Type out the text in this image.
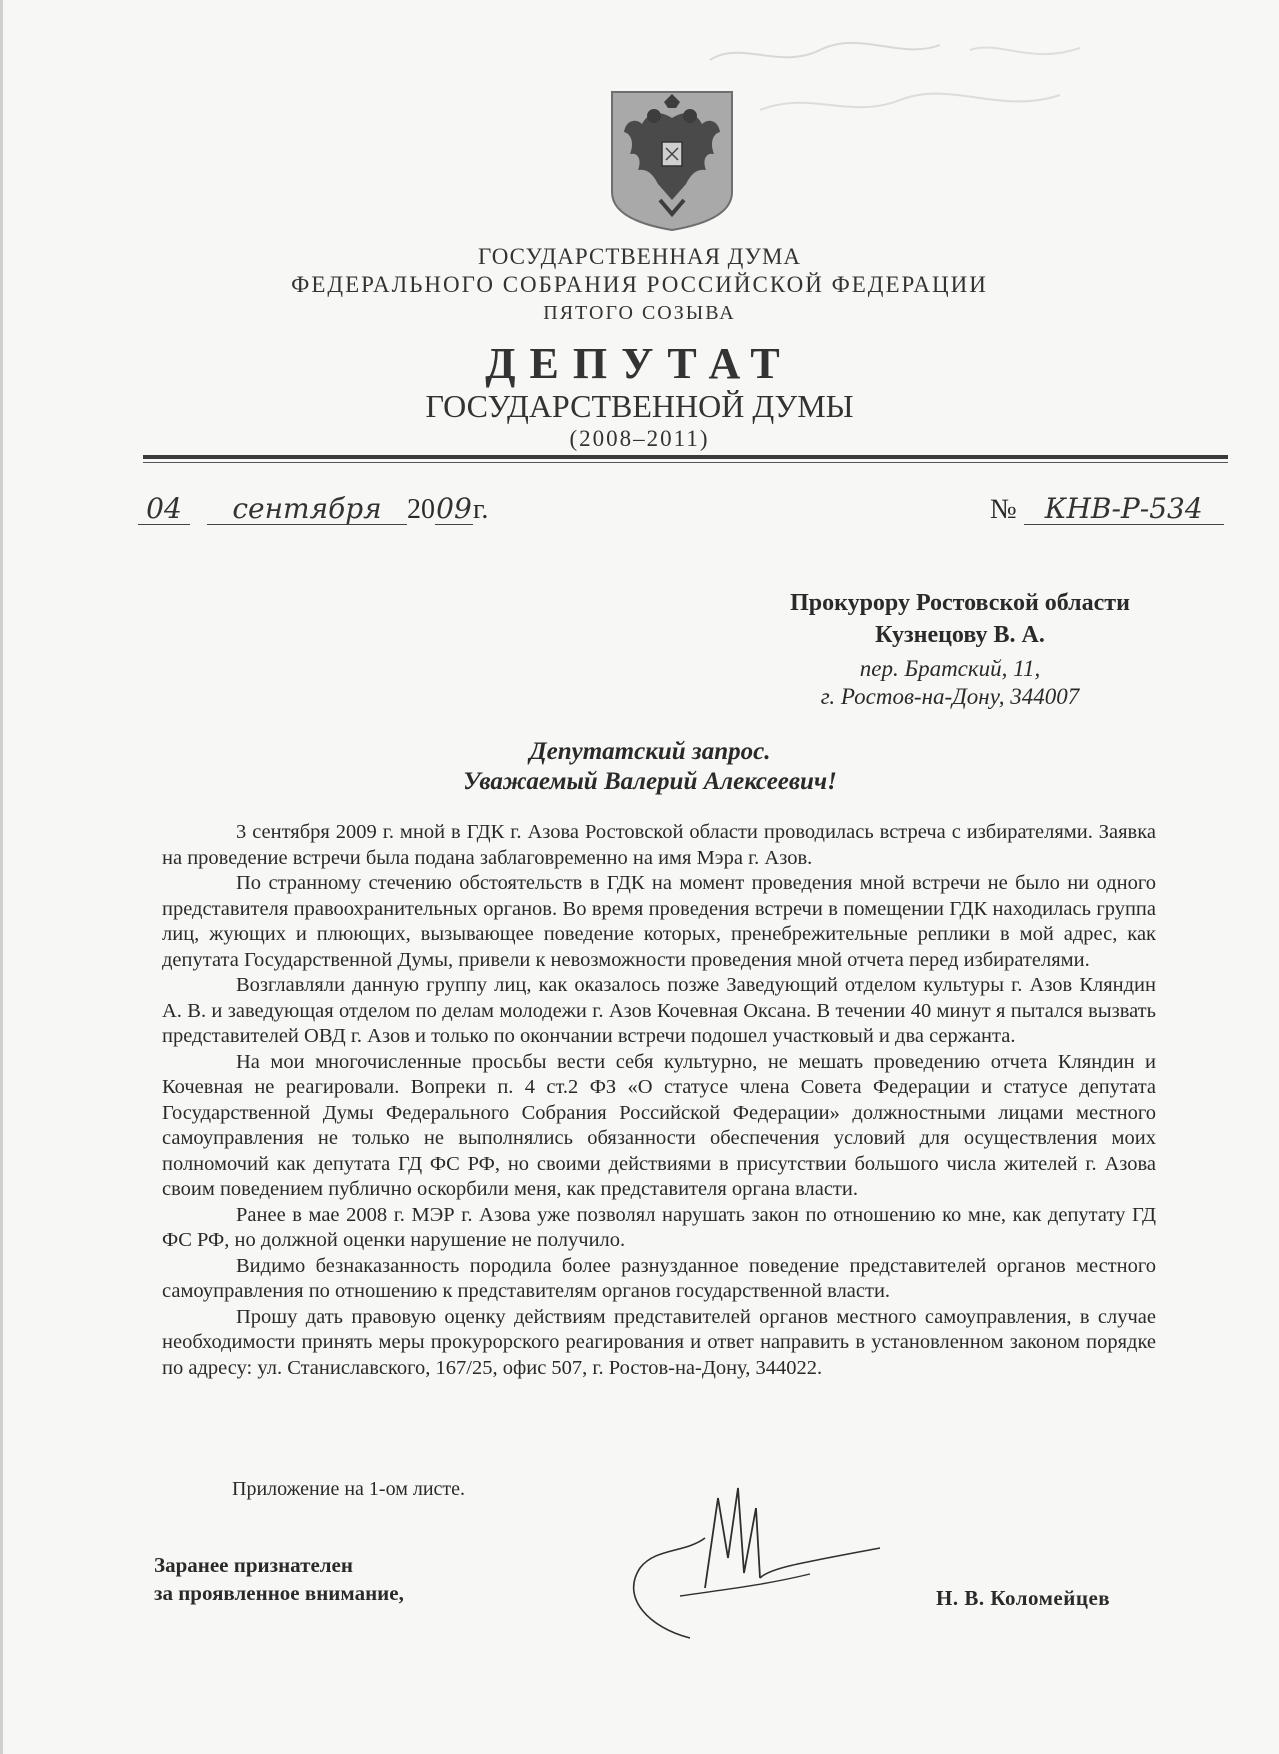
ГОСУДАРСТВЕННАЯ ДУМА
ФЕДЕРАЛЬНОГО СОБРАНИЯ РОССИЙСКОЙ ФЕДЕРАЦИИ
ПЯТОГО СОЗЫВА
ДЕПУТАТ
ГОСУДАРСТВЕННОЙ ДУМЫ
(2008–2011)
04 сентября 2009г.	№ КНВ-Р-534
Прокурору Ростовской области
Кузнецову В. А.
пер. Братский, 11,
г. Ростов-на-Дону, 344007
Депутатский запрос.
Уважаемый Валерий Алексеевич!

3 сентября 2009 г. мной в ГДК г. Азова Ростовской области проводилась встреча с избирателями. Заявка на проведение встречи была подана заблаговременно на имя Мэра г. Азов.

По странному стечению обстоятельств в ГДК на момент проведения мной встречи не было ни одного представителя правоохранительных органов. Во время проведения встречи в помещении ГДК находилась группа лиц, жующих и плюющих, вызывающее поведение которых, пренебрежительные реплики в мой адрес, как депутата Государственной Думы, привели к невозможности проведения мной отчета перед избирателями.

Возглавляли данную группу лиц, как оказалось позже Заведующий отделом культуры г. Азов Кляндин А. В. и заведующая отделом по делам молодежи г. Азов Кочевная Оксана. В течении 40 минут я пытался вызвать представителей ОВД г. Азов и только по окончании встречи подошел участковый и два сержанта.

На мои многочисленные просьбы вести себя культурно, не мешать проведению отчета Кляндин и Кочевная не реагировали. Вопреки п. 4 ст.2 ФЗ «О статусе члена Совета Федерации и статусе депутата Государственной Думы Федерального Собрания Российской Федерации» должностными лицами местного самоуправления не только не выполнялись обязанности обеспечения условий для осуществления моих полномочий как депутата ГД ФС РФ, но своими действиями в присутствии большого числа жителей г. Азова своим поведением публично оскорбили меня, как представителя органа власти.

Ранее в мае 2008 г. МЭР г. Азова уже позволял нарушать закон по отношению ко мне, как депутату ГД ФС РФ, но должной оценки нарушение не получило.

Видимо безнаказанность породила более разнузданное поведение представителей органов местного самоуправления по отношению к представителям органов государственной власти.

Прошу дать правовую оценку действиям представителей органов местного самоуправления, в случае необходимости принять меры прокурорского реагирования и ответ направить в установленном законом порядке по адресу: ул. Станиславского, 167/25, офис 507, г. Ростов-на-Дону, 344022.

Приложение на 1-ом листе.
Заранее признателен
за проявленное внимание,	Н. В. Коломейцев
